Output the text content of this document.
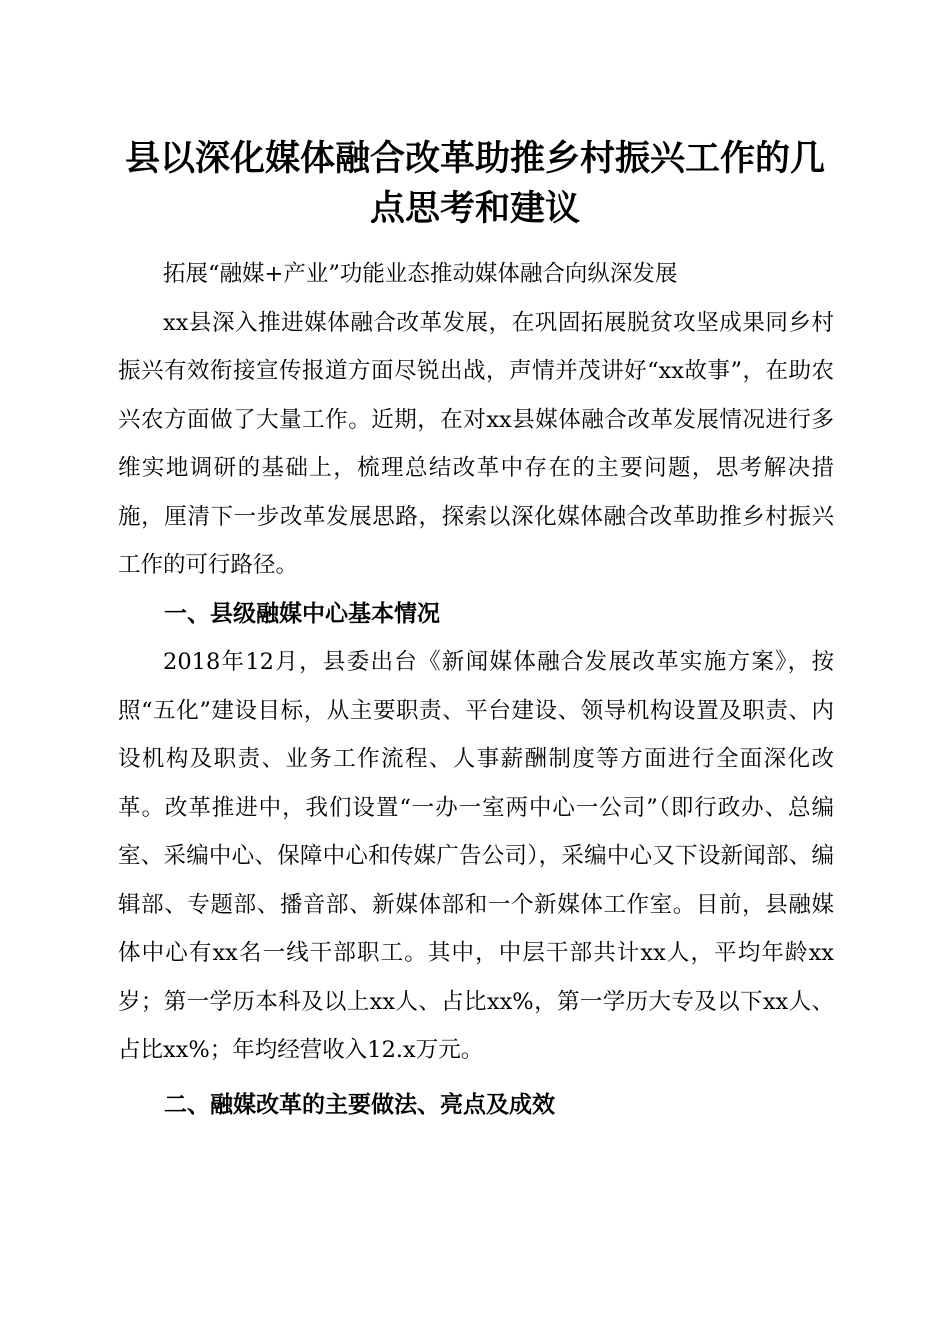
县以深化媒体融合改革助推乡村振兴工作的几
点思考和建议

拓展“融媒+产业”功能业态推动媒体融合向纵深发展

xx县深入推进媒体融合改革发展，在巩固拓展脱贫攻坚成果同乡村振兴有效衔接宣传报道方面尽锐出战，声情并茂讲好“xx故事”，在助农兴农方面做了大量工作。近期，在对xx县媒体融合改革发展情况进行多维实地调研的基础上，梳理总结改革中存在的主要问题，思考解决措施，厘清下一步改革发展思路，探索以深化媒体融合改革助推乡村振兴工作的可行路径。

一、县级融媒中心基本情况

2018年12月，县委出台《新闻媒体融合发展改革实施方案》，按照“五化”建设目标，从主要职责、平台建设、领导机构设置及职责、内设机构及职责、业务工作流程、人事薪酬制度等方面进行全面深化改革。改革推进中，我们设置“一办一室两中心一公司”（即行政办、总编室、采编中心、保障中心和传媒广告公司），采编中心又下设新闻部、编辑部、专题部、播音部、新媒体部和一个新媒体工作室。目前，县融媒体中心有xx名一线干部职工。其中，中层干部共计xx人，平均年龄xx岁；第一学历本科及以上xx人、占比xx%，第一学历大专及以下xx人、占比xx%；年均经营收入12.x万元。

二、融媒改革的主要做法、亮点及成效
